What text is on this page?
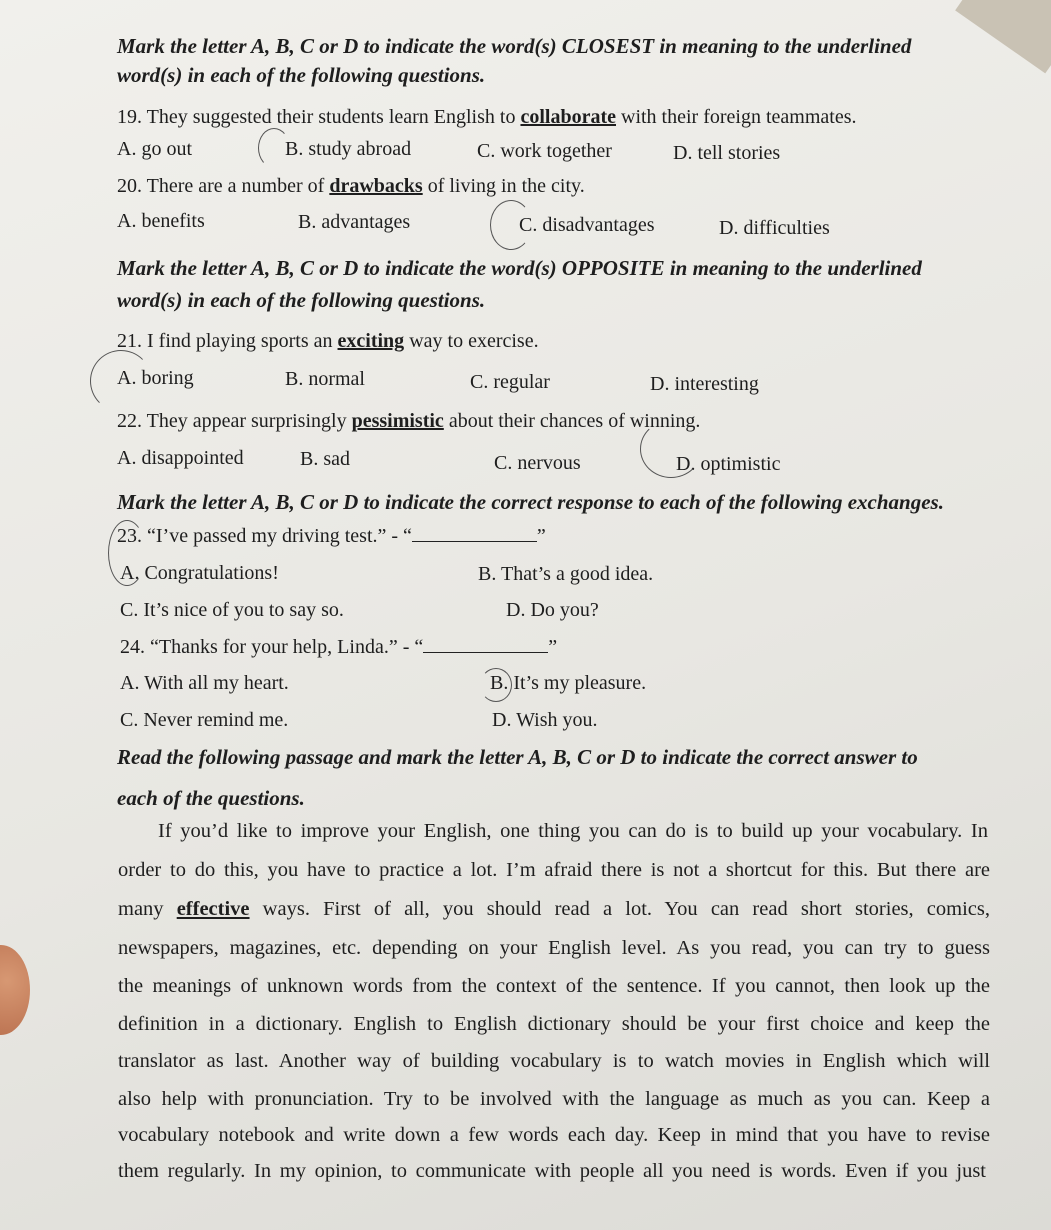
Mark the letter A, B, C or D to indicate the word(s) CLOSEST in meaning to the underlined
word(s) in each of the following questions.
19. They suggested their students learn English to collaborate with their foreign teammates.
A. go out	B. study abroad	C. work together	D. tell stories
20. There are a number of drawbacks of living in the city.
A. benefits	B. advantages	C. disadvantages	D. difficulties
Mark the letter A, B, C or D to indicate the word(s) OPPOSITE in meaning to the underlined
word(s) in each of the following questions.
21. I find playing sports an exciting way to exercise.
A. boring	B. normal	C. regular	D. interesting
22. They appear surprisingly pessimistic about their chances of winning.
A. disappointed	B. sad	C. nervous	D. optimistic
Mark the letter A, B, C or D to indicate the correct response to each of the following exchanges.
23. “I’ve passed my driving test.” - “	”
A. Congratulations!	B. That’s a good idea.
C. It’s nice of you to say so.	D. Do you?
24. “Thanks for your help, Linda.” - “	”
A. With all my heart.	B. It’s my pleasure.
C. Never remind me.	D. Wish you.
Read the following passage and mark the letter A, B, C or D to indicate the correct answer to
each of the questions.
If you’d like to improve your English, one thing you can do is to build up your vocabulary. In
order to do this, you have to practice a lot. I’m afraid there is not a shortcut for this. But there are
many effective ways. First of all, you should read a lot. You can read short stories, comics,
newspapers, magazines, etc. depending on your English level. As you read, you can try to guess
the meanings of unknown words from the context of the sentence. If you cannot, then look up the
definition in a dictionary. English to English dictionary should be your first choice and keep the
translator as last. Another way of building vocabulary is to watch movies in English which will
also help with pronunciation. Try to be involved with the language as much as you can. Keep a
vocabulary notebook and write down a few words each day. Keep in mind that you have to revise
them regularly. In my opinion, to communicate with people all you need is words. Even if you just
